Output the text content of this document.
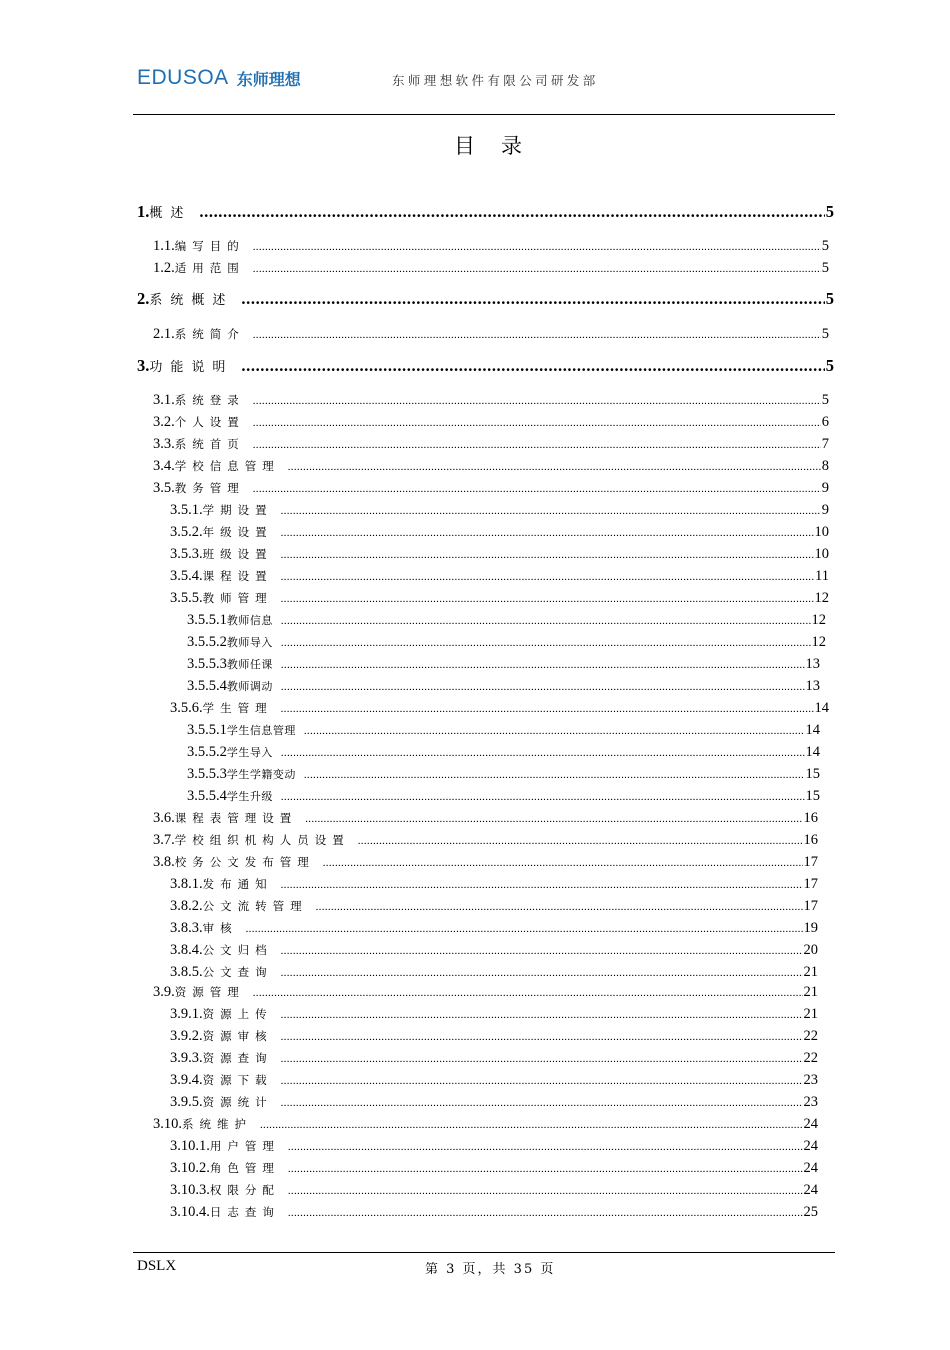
EDUSOA 东师理想	东师理想软件有限公司研发部
目录
1. 概述 .....	5
1.1. 编写目的 .....	5
1.2. 适用范围 .....	5
2. 系统概述 .....	5
2.1. 系统简介 .....	5
3. 功能说明 .....	5
3.1. 系统登录 .....	5
3.2. 个人设置 .....	6
3.3. 系统首页 .....	7
3.4. 学校信息管理 .....	8
3.5. 教务管理 .....	9
3.5.1. 学期设置 .....	9
3.5.2. 年级设置 .....	10
3.5.3. 班级设置 .....	10
3.5.4. 课程设置 .....	11
3.5.5. 教师管理 .....	12
3.5.5.1 教师信息 .....	12
3.5.5.2 教师导入 .....	12
3.5.5.3 教师任课 .....	13
3.5.5.4 教师调动 .....	13
3.5.6. 学生管理 .....	14
3.5.5.1 学生信息管理 .....	14
3.5.5.2 学生导入 .....	14
3.5.5.3 学生学籍变动 .....	15
3.5.5.4 学生升级 .....	15
3.6. 课程表管理设置 .....	16
3.7. 学校组织机构人员设置 .....	16
3.8. 校务公文发布管理 .....	17
3.8.1. 发布通知 .....	17
3.8.2. 公文流转管理 .....	17
3.8.3. 审核 .....	19
3.8.4. 公文归档 .....	20
3.8.5. 公文查询 .....	21
3.9. 资源管理 .....	21
3.9.1. 资源上传 .....	21
3.9.2. 资源审核 .....	22
3.9.3. 资源查询 .....	22
3.9.4. 资源下载 .....	23
3.9.5. 资源统计 .....	23
3.10. 系统维护 .....	24
3.10.1. 用户管理 .....	24
3.10.2. 角色管理 .....	24
3.10.3. 权限分配 .....	24
3.10.4. 日志查询 .....	25
DSLX	第 3 页，共 35 页
